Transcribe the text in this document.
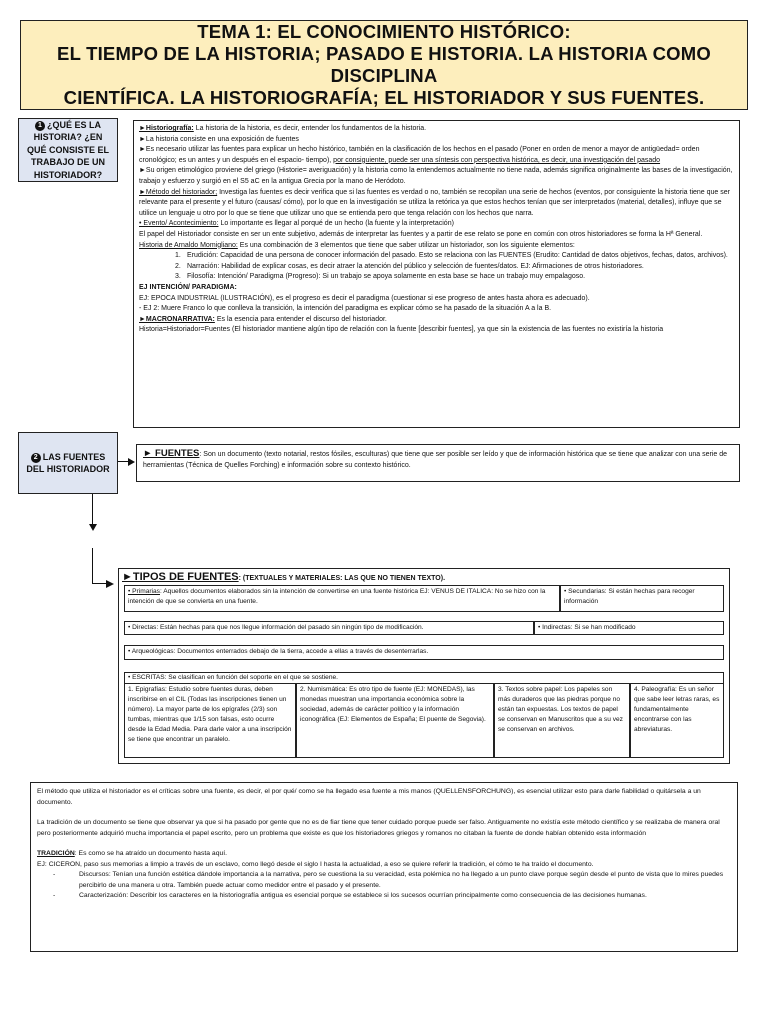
TEMA 1: EL CONOCIMIENTO HISTÓRICO:
EL TIEMPO DE LA HISTORIA; PASADO E HISTORIA. LA HISTORIA COMO DISCIPLINA
CIENTÍFICA. LA HISTORIOGRAFÍA; EL HISTORIADOR Y SUS FUENTES.
1 ¿QUÉ ES LA HISTORIA? ¿EN QUÉ CONSISTE EL TRABAJO DE UN HISTORIADOR?

►Historiografía: La historia de la historia, es decir, entender los fundamentos de la historia.

►La historia consiste en una exposición de fuentes

►Es necesario utilizar las fuentes para explicar un hecho histórico, también en la clasificación de los hechos en el pasado (Poner en orden de menor a mayor de antigüedad= orden cronológico; es un antes y un después en el espacio- tiempo), por consiguiente, puede ser una síntesis con perspectiva histórica, es decir, una investigación del pasado

►Su origen etimológico proviene del griego (Historie= averiguación) y la historia como la entendemos actualmente no tiene nada, además significa originalmente las bases de la investigación, trabajo y esfuerzo y surgió en el S5 aC en la antigua Grecia por la mano de Heródoto.

►Método del historiador; Investiga las fuentes es decir verifica que si las fuentes es verdad o no, también se recopilan una serie de hechos (eventos, por consiguiente la historia tiene que ser relevante para el presente y el futuro (causas/ cómo), por lo que en la investigación se utiliza la retórica ya que estos hechos tenían que ser interpretados (material, detalles), influye que se utilice un lenguaje u otro por lo que se tiene que utilizar uno que se entienda pero que tenga relación con los hechos que narra.

• Evento/ Acontecimiento: Lo importante es llegar al porqué de un hecho (la fuente y la interpretación)

El papel del Historiador consiste en ser un ente subjetivo, además de interpretar las fuentes y a partir de ese relato se pone en común con otros historiadores se forma la Hª General.

Historia de Arnaldo Momigliano: Es una combinación de 3 elementos que tiene que saber utilizar un historiador, son los siguiente elementos:

1. Erudición: Capacidad de una persona de conocer información del pasado. Esto se relaciona con las FUENTES (Erudito: Cantidad de datos objetivos, fechas, datos, archivos).
2. Narración: Habilidad de explicar cosas, es decir atraer la atención del público y selección de fuentes/datos. EJ: Afirmaciones de otros historiadores.
3. Filosofía: Intención/ Paradigma (Progreso): Si un trabajo se apoya solamente en esta base se hace un trabajo muy empalagoso.

EJ INTENCIÓN/ PARADIGMA:

EJ: EPOCA INDUSTRIAL (ILUSTRACIÓN), es el progreso es decir el paradigma (cuestionar si ese progreso de antes hasta ahora es adecuado).

- EJ 2: Muere Franco lo que conlleva la transición, la intención del paradigma es explicar cómo se ha pasado de la situación A a la B.

►MACRONARRATIVA: Es la esencia para entender el discurso del historiador.

Historia=Historiador=Fuentes (El historiador mantiene algún tipo de relación con la fuente [describir fuentes], ya que sin la existencia de las fuentes no existiría la historia

2 LAS FUENTES DEL HISTORIADOR

► FUENTES: Son un documento (texto notarial, restos fósiles, esculturas) que tiene que ser posible ser leído y que de información histórica que se tiene que analizar con una serie de herramientas (Técnica de Quelles Forching) e información sobre su contexto histórico.

►TIPOS DE FUENTES: (TEXTUALES Y MATERIALES: LAS QUE NO TIENEN TEXTO).
• Primarias: Aquellos documentos elaborados sin la intención de convertirse en una fuente histórica EJ: VENUS DE ITALICA: No se hizo con la intención de que se convierta en una fuente.
• Secundarias: Si están hechas para recoger información
• Directas: Están hechas para que nos llegue información del pasado sin ningún tipo de modificación.	• Indirectas: Si se han modificado
• Arqueológicas: Documentos enterrados debajo de la tierra, accede a ellas a través de desenterrarlas.
• ESCRITAS: Se clasifican en función del soporte en el que se sostiene.
1. Epigrafías: Estudio sobre fuentes duras, deben inscribirse en el CIL (Todas las inscripciones tienen un número). La mayor parte de los epígrafes (2/3) son tumbas, mientras que 1/15 son falsas, esto ocurre desde la Edad Media. Para darle valor a una inscripción se tiene que encontrar un paralelo.
2. Numismática: Es otro tipo de fuente (EJ: MONEDAS), las monedas muestran una importancia económica sobre la sociedad, además de carácter político y la información iconográfica (EJ: Elementos de España; El puente de Segovia).
3. Textos sobre papel: Los papeles son más duraderos que las piedras porque no están tan expuestas. Los textos de papel se conservan en Manuscritos que a su vez se conservan en archivos.
4. Paleografía: Es un señor que sabe leer letras raras, es fundamentalmente encontrarse con las abreviaturas.

El método que utiliza el historiador es el críticas sobre una fuente, es decir, el por qué/ como se ha llegado esa fuente a mis manos (QUELLENSFORCHUNG), es esencial utilizar esto para darle fiabilidad o quitársela a un documento.

La tradición de un documento se tiene que observar ya que si ha pasado por gente que no es de fiar tiene que tener cuidado porque puede ser falso. Antiguamente no existía este método científico y se realizaba de manera oral pero posteriormente adquirió mucha importancia el papel escrito, pero un problema que existe es que los historiadores griegos y romanos no citaban la fuente de donde habían obtenido esta información

TRADICIÓN: Es como se ha atraído un documento hasta aquí.

EJ: CICERON, paso sus memorias a limpio a través de un esclavo, como llegó desde el siglo I hasta la actualidad, a eso se quiere referir la tradición, el cómo te ha traído el documento.

-	Discursos: Tenían una función estética dándole importancia a la narrativa, pero se cuestiona la su veracidad, esta polémica no ha llegado a un punto clave porque según desde el punto de vista que lo mires puedes percibirlo de una manera u otra. También puede actuar como medidor entre el pasado y el presente.
-	Caracterización: Describir los caracteres en la historiografía antigua es esencial porque se establece si los sucesos ocurrían principalmente como consecuencia de las decisiones humanas.
